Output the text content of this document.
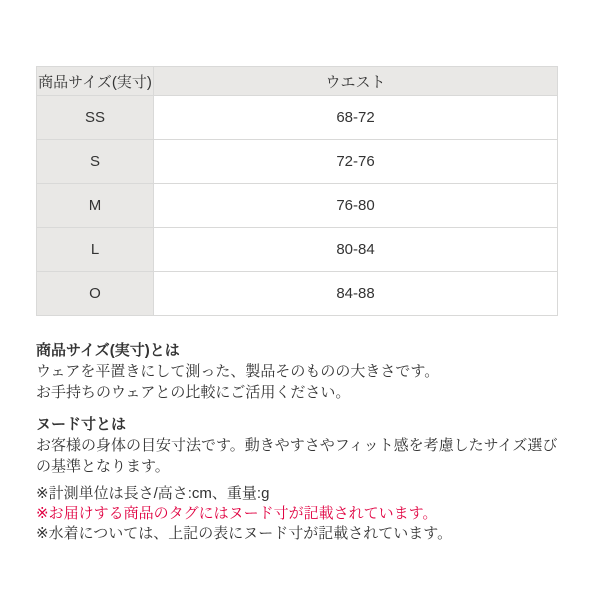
商品サイズ(実寸)	ウエスト
SS	68-72
S	72-76
M	76-80
L	80-84
O	84-88
商品サイズ(実寸)とは

ウェアを平置きにして測った、製品そのものの大きさです。

お手持ちのウェアとの比較にご活用ください。

ヌード寸とは

お客様の身体の目安寸法です。動きやすさやフィット感を考慮したサイズ選びの基準となります。

※計測単位は長さ/高さ:cm、重量:g

※お届けする商品のタグにはヌード寸が記載されています。

※水着については、上記の表にヌード寸が記載されています。
